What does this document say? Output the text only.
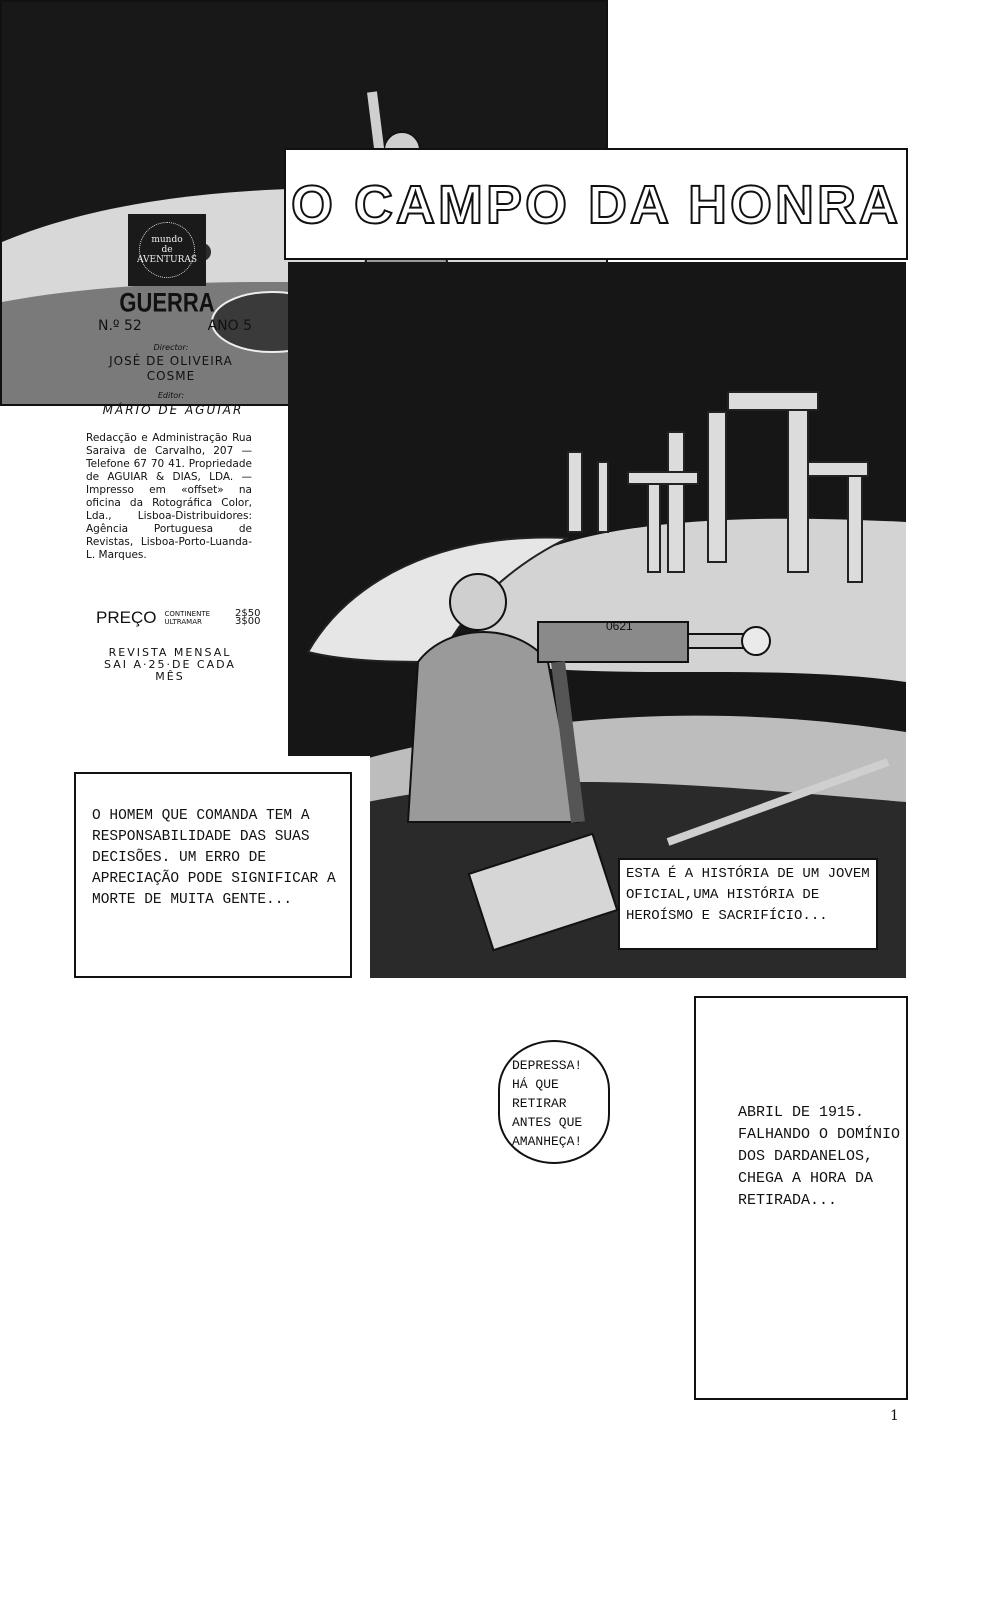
mundo
de
AVENTURAS
GUERRA
N.º 52	ANO 5
Director:
JOSÉ DE OLIVEIRA
COSME
Editor:
MÁRIO DE AGUIAR
Redacção e Administração Rua Saraiva de Carvalho, 207 — Telefone 67 70 41. Propriedade de AGUIAR & DIAS, LDA. — Impresso em «offset» na oficina da Rotográfica Color, Lda., Lisboa-Distribuidores: Agência Portuguesa de Revistas, Lisboa-Porto-Luanda-L. Marques.
PREÇO CONTINENTE 2$50
ULTRAMAR	3$00
REVISTA MENSAL
SAI A·25·DE CADA
MÊS
O CAMPO DA HONRA
0621
O HOMEM QUE COMANDA TEM A RESPONSABILIDADE DAS SUAS DECISÕES. UM ERRO DE APRECIAÇÃO PODE SIGNIFICAR A MORTE DE MUITA GENTE...
ESTA É A HISTÓRIA DE UM JOVEM OFICIAL,UMA HISTÓRIA DE HEROÍSMO E SACRIFÍCIO...
DEPRESSA! HÁ QUE RETIRAR ANTES QUE AMANHEÇA!
ABRIL DE 1915. FALHANDO O DOMÍNIO DOS DARDANELOS, CHEGA A HORA DA RETIRADA...
1
